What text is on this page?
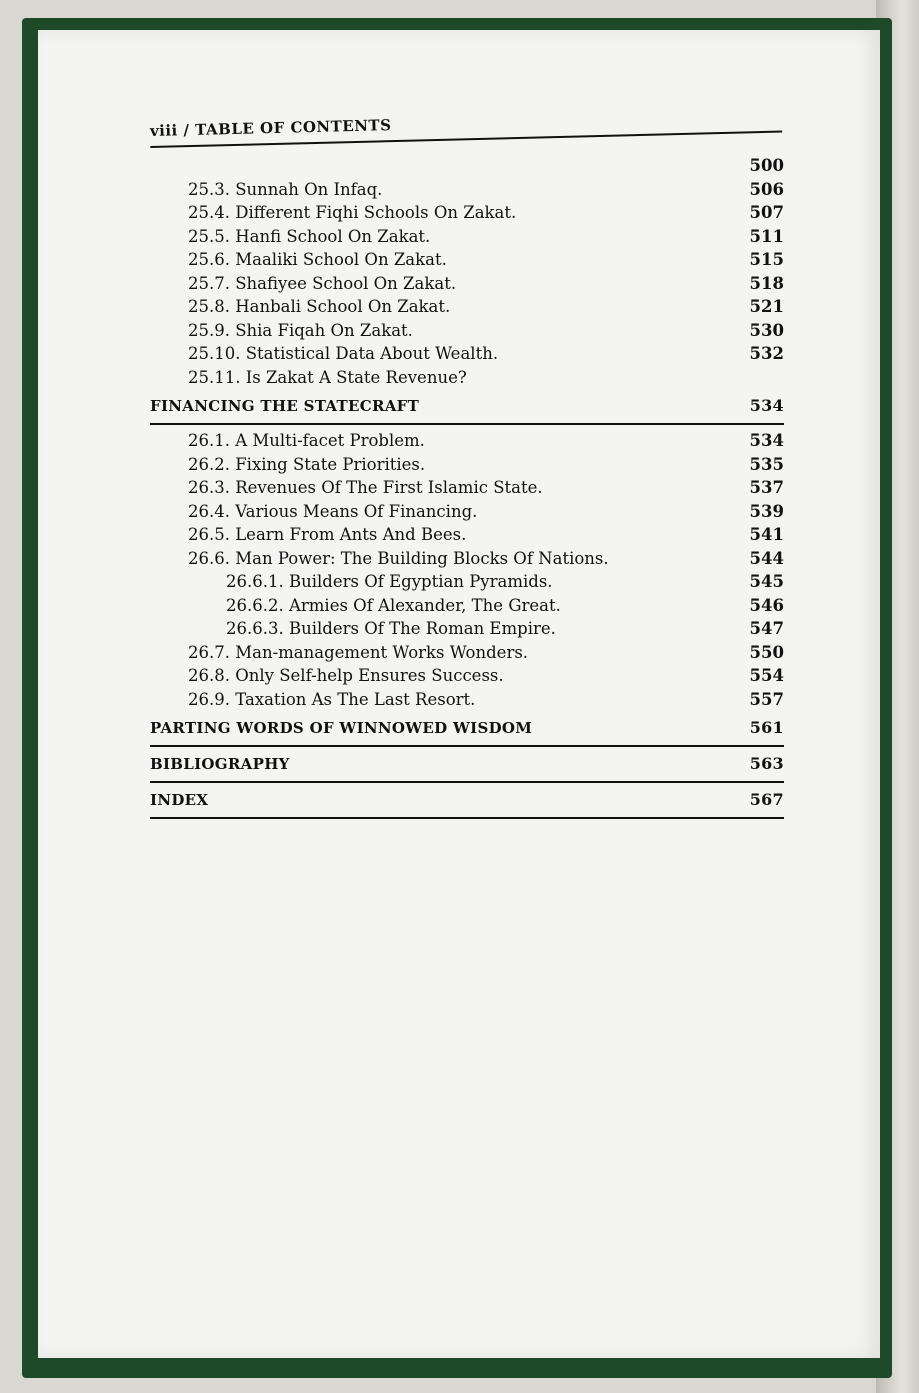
viii / TABLE OF CONTENTS
500
25.3. Sunnah On Infaq.	506
25.4. Different Fiqhi Schools On Zakat.	507
25.5. Hanfi School On Zakat.	511
25.6. Maaliki School On Zakat.	515
25.7. Shafiyee School On Zakat.	518
25.8. Hanbali School On Zakat.	521
25.9. Shia Fiqah On Zakat.	530
25.10. Statistical Data About Wealth.	532
25.11. Is Zakat A State Revenue?
FINANCING THE STATECRAFT	534
26.1. A Multi-facet Problem.	534
26.2. Fixing State Priorities.	535
26.3. Revenues Of The First Islamic State.	537
26.4. Various Means Of Financing.	539
26.5. Learn From Ants And Bees.	541
26.6. Man Power: The Building Blocks Of Nations.	544
26.6.1. Builders Of Egyptian Pyramids.	545
26.6.2. Armies Of Alexander, The Great.	546
26.6.3. Builders Of The Roman Empire.	547
26.7. Man-management Works Wonders.	550
26.8. Only Self-help Ensures Success.	554
26.9. Taxation As The Last Resort.	557
PARTING WORDS OF WINNOWED WISDOM	561
BIBLIOGRAPHY	563
INDEX	567
